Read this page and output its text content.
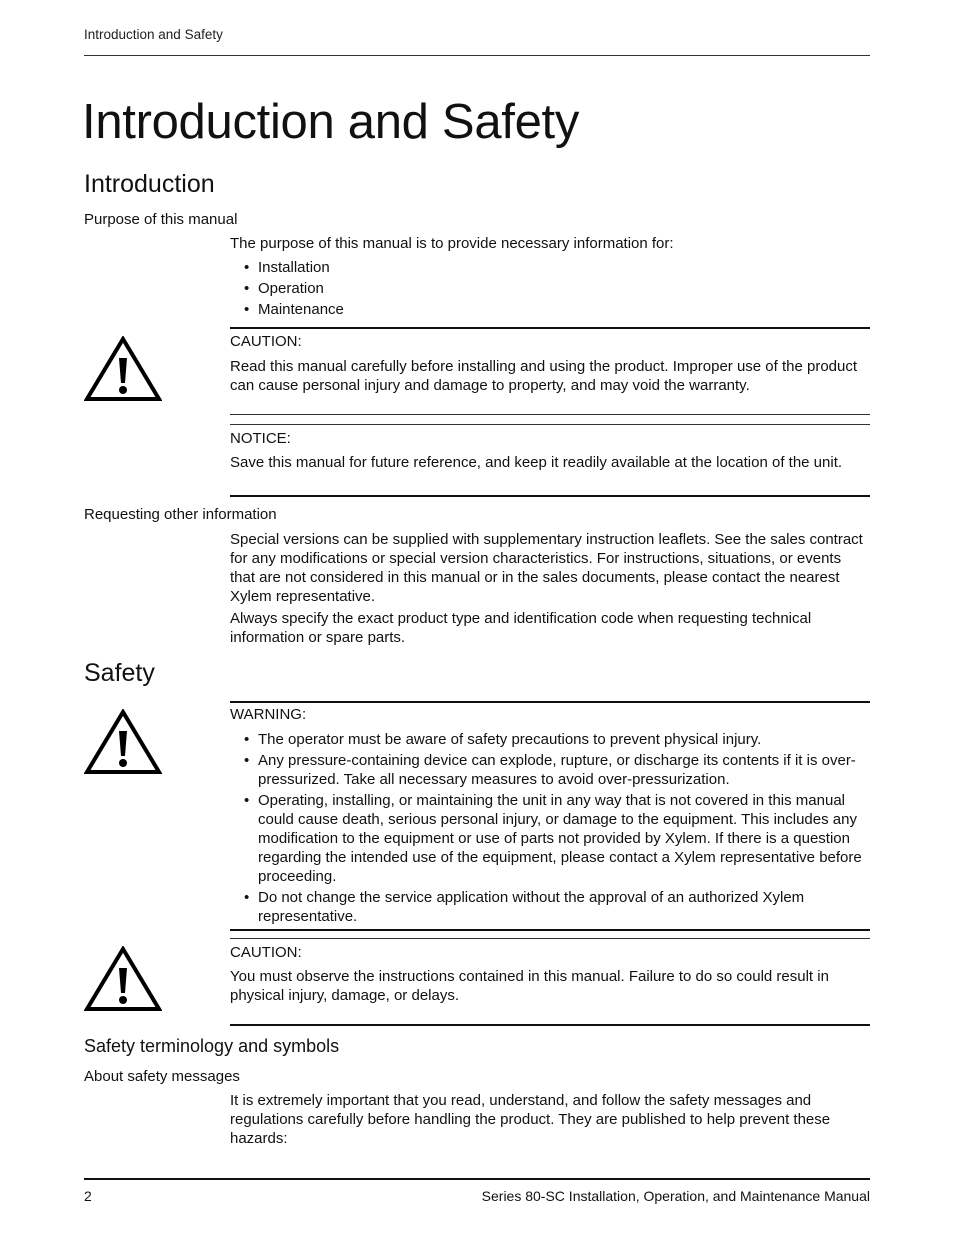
Introduction and Safety
Introduction and Safety
Introduction
Purpose of this manual
The purpose of this manual is to provide necessary information for:
• Installation
• Operation
• Maintenance
CAUTION:
Read this manual carefully before installing and using the product. Improper use of the product can cause personal injury and damage to property, and may void the warranty.
NOTICE:
Save this manual for future reference, and keep it readily available at the location of the unit.
Requesting other information
Special versions can be supplied with supplementary instruction leaflets. See the sales contract for any modifications or special version characteristics. For instructions, situations, or events that are not considered in this manual or in the sales documents, please contact the nearest Xylem representative.
Always specify the exact product type and identification code when requesting technical information or spare parts.
Safety
WARNING:
• The operator must be aware of safety precautions to prevent physical injury.
• Any pressure-containing device can explode, rupture, or discharge its contents if it is over-pressurized. Take all necessary measures to avoid over-pressurization.
• Operating, installing, or maintaining the unit in any way that is not covered in this manual could cause death, serious personal injury, or damage to the equipment. This includes any modification to the equipment or use of parts not provided by Xylem. If there is a question regarding the intended use of the equipment, please contact a Xylem representative before proceeding.
• Do not change the service application without the approval of an authorized Xylem representative.
CAUTION:
You must observe the instructions contained in this manual. Failure to do so could result in physical injury, damage, or delays.
Safety terminology and symbols
About safety messages
It is extremely important that you read, understand, and follow the safety messages and regulations carefully before handling the product. They are published to help prevent these hazards:
2	Series 80-SC Installation, Operation, and Maintenance Manual
